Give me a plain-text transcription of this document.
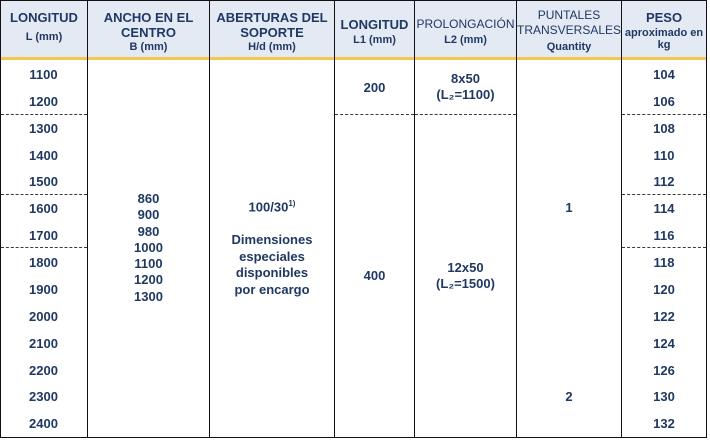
LONGITUD
L (mm)
ANCHO EN EL
CENTRO
B (mm)
ABERTURAS DEL
SOPORTE
H/d (mm)
LONGITUD
L1 (mm)
PROLONGACIÓN
L2 (mm)
PUNTALES
TRANSVERSALES
Quantity
PESO
aproximado en kg
1100
1200
1300
1400
1500
1600
1700
1800
1900
2000
2100
2200
2300
2400
104
106
108
110
112
114
116
118
120
122
124
126
130
132
860
900
980
1000
1100
1200
1300
100/30$^{1)}$
Dimensiones
especiales
disponibles
por encargo
200
400
8x50
(L₂=1100)
12x50
(L₂=1500)
1
2
